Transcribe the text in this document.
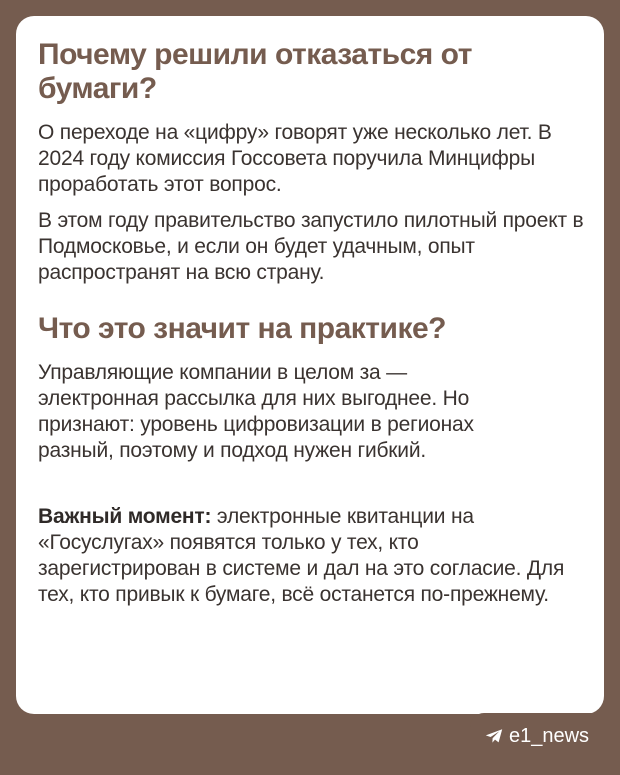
Почему решили отказаться от бумаги?

О переходе на «цифру» говорят уже несколько лет. В 2024 году комиссия Госсовета поручила Минцифры проработать этот вопрос.

В этом году правительство запустило пилотный проект в Подмосковье, и если он будет удачным, опыт распространят на всю страну.

Что это значит на практике?

Управляющие компании в целом за — электронная рассылка для них выгоднее. Но признают: уровень цифровизации в регионах разный, поэтому и подход нужен гибкий.

Важный момент: электронные квитанции на «Госуслугах» появятся только у тех, кто зарегистрирован в системе и дал на это согласие. Для тех, кто привык к бумаге, всё останется по-прежнему.

e1_news
